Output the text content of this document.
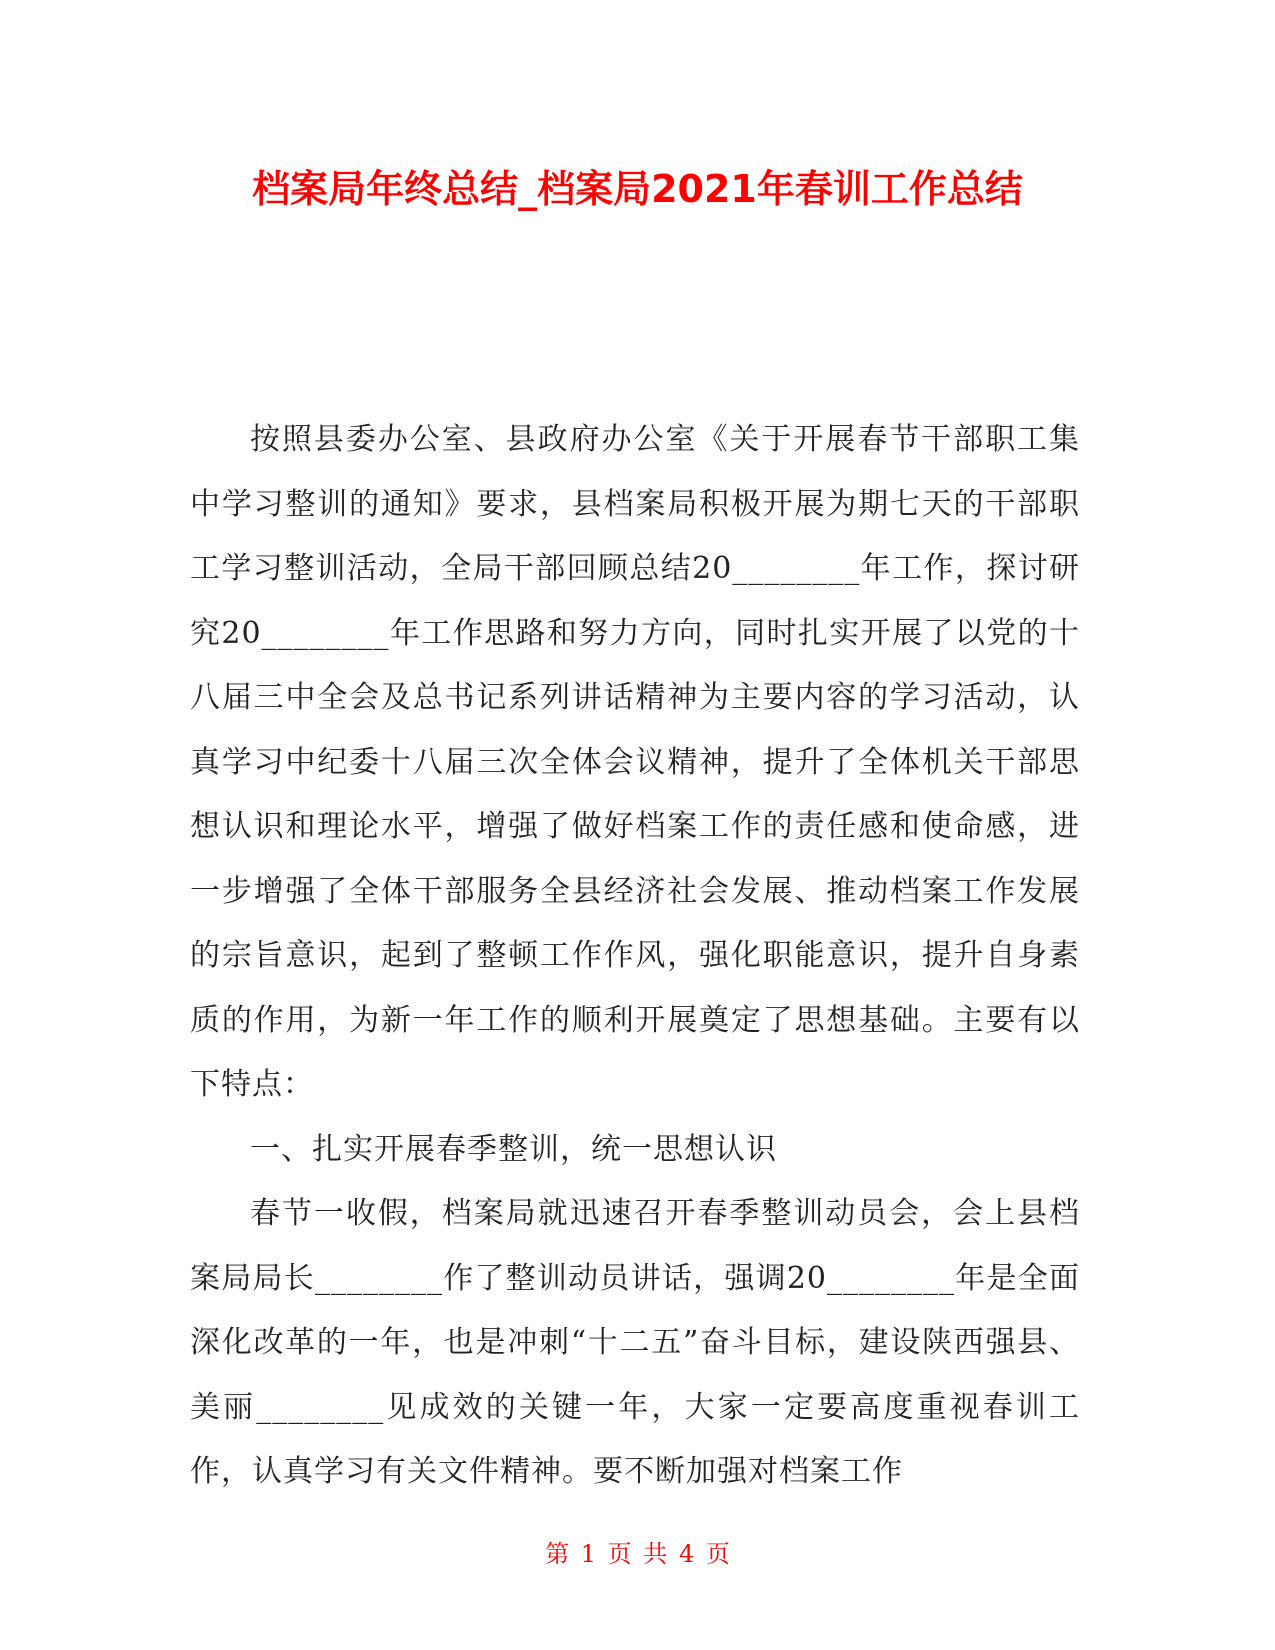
档案局年终总结_档案局2021年春训工作总结

按照县委办公室、县政府办公室《关于开展春节干部职工集中学习整训的通知》要求，县档案局积极开展为期七天的干部职工学习整训活动，全局干部回顾总结20________年工作，探讨研究20________年工作思路和努力方向，同时扎实开展了以党的十八届三中全会及总书记系列讲话精神为主要内容的学习活动，认真学习中纪委十八届三次全体会议精神，提升了全体机关干部思想认识和理论水平，增强了做好档案工作的责任感和使命感，进一步增强了全体干部服务全县经济社会发展、推动档案工作发展的宗旨意识，起到了整顿工作作风，强化职能意识，提升自身素质的作用，为新一年工作的顺利开展奠定了思想基础。主要有以下特点：

一、扎实开展春季整训，统一思想认识

春节一收假，档案局就迅速召开春季整训动员会，会上县档案局局长________作了整训动员讲话，强调20________年是全面深化改革的一年，也是冲刺“十二五”奋斗目标，建设陕西强县、美丽________见成效的关键一年，大家一定要高度重视春训工作，认真学习有关文件精神。要不断加强对档案工作

第 1 页 共 4 页
